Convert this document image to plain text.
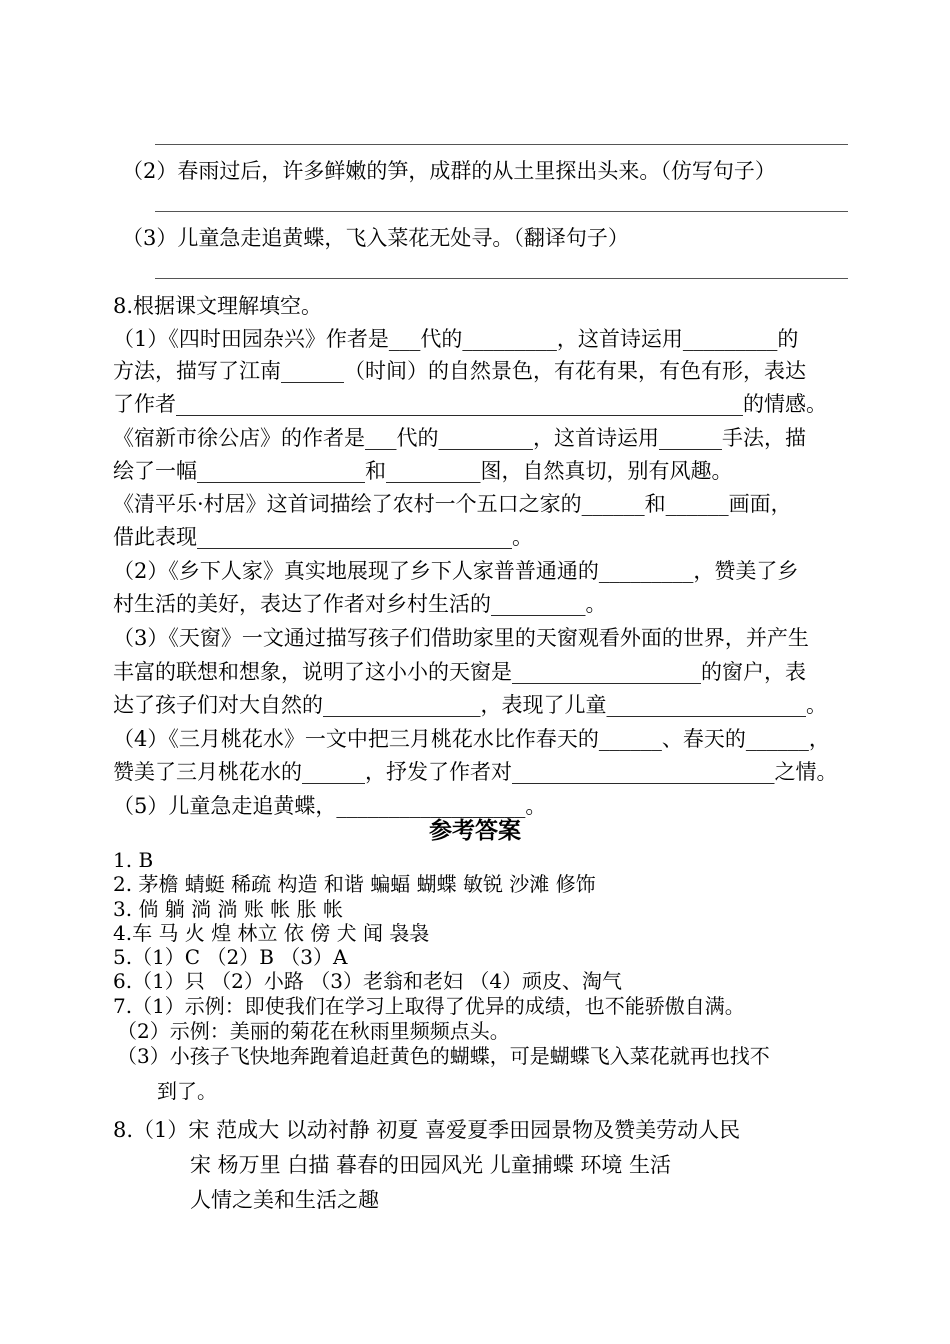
（2）春雨过后，许多鲜嫩的笋，成群的从土里探出头来。（仿写句子）
（3）儿童急走追黄蝶，飞入菜花无处寻。（翻译句子）
8.根据课文理解填空。
（1）《四时田园杂兴》作者是___代的_________，这首诗运用_________的
方法，描写了江南______（时间）的自然景色，有花有果，有色有形，表达
了作者______________________________________________________的情感。
《宿新市徐公店》的作者是___代的_________，这首诗运用______手法，描
绘了一幅________________和_________图，自然真切，别有风趣。
《清平乐·村居》这首词描绘了农村一个五口之家的______和______画面，
借此表现______________________________。
（2）《乡下人家》真实地展现了乡下人家普普通通的_________，赞美了乡
村生活的美好，表达了作者对乡村生活的_________。
（3）《天窗》一文通过描写孩子们借助家里的天窗观看外面的世界，并产生
丰富的联想和想象，说明了这小小的天窗是__________________的窗户，表
达了孩子们对大自然的_______________，表现了儿童___________________。
（4）《三月桃花水》一文中把三月桃花水比作春天的______、春天的______，
赞美了三月桃花水的______，抒发了作者对_________________________之情。
（5）儿童急走追黄蝶，__________________。
参考答案
1. B
2. 茅檐 蜻蜓 稀疏 构造 和谐 蝙蝠 蝴蝶 敏锐 沙滩 修饰
3. 倘 躺 淌 淌 账 帐 胀 帐
4.车 马 火 煌 林立 依 傍 犬 闻 袅袅
5.（1）C （2）B （3）A
6.（1）只 （2）小路 （3）老翁和老妇 （4）顽皮、淘气
7.（1）示例：即使我们在学习上取得了优异的成绩，也不能骄傲自满。
（2）示例：美丽的菊花在秋雨里频频点头。
（3）小孩子飞快地奔跑着追赶黄色的蝴蝶，可是蝴蝶飞入菜花就再也找不
到了。
8.（1）宋 范成大 以动衬静 初夏 喜爱夏季田园景物及赞美劳动人民
宋 杨万里 白描 暮春的田园风光 儿童捕蝶 环境 生活
人情之美和生活之趣
